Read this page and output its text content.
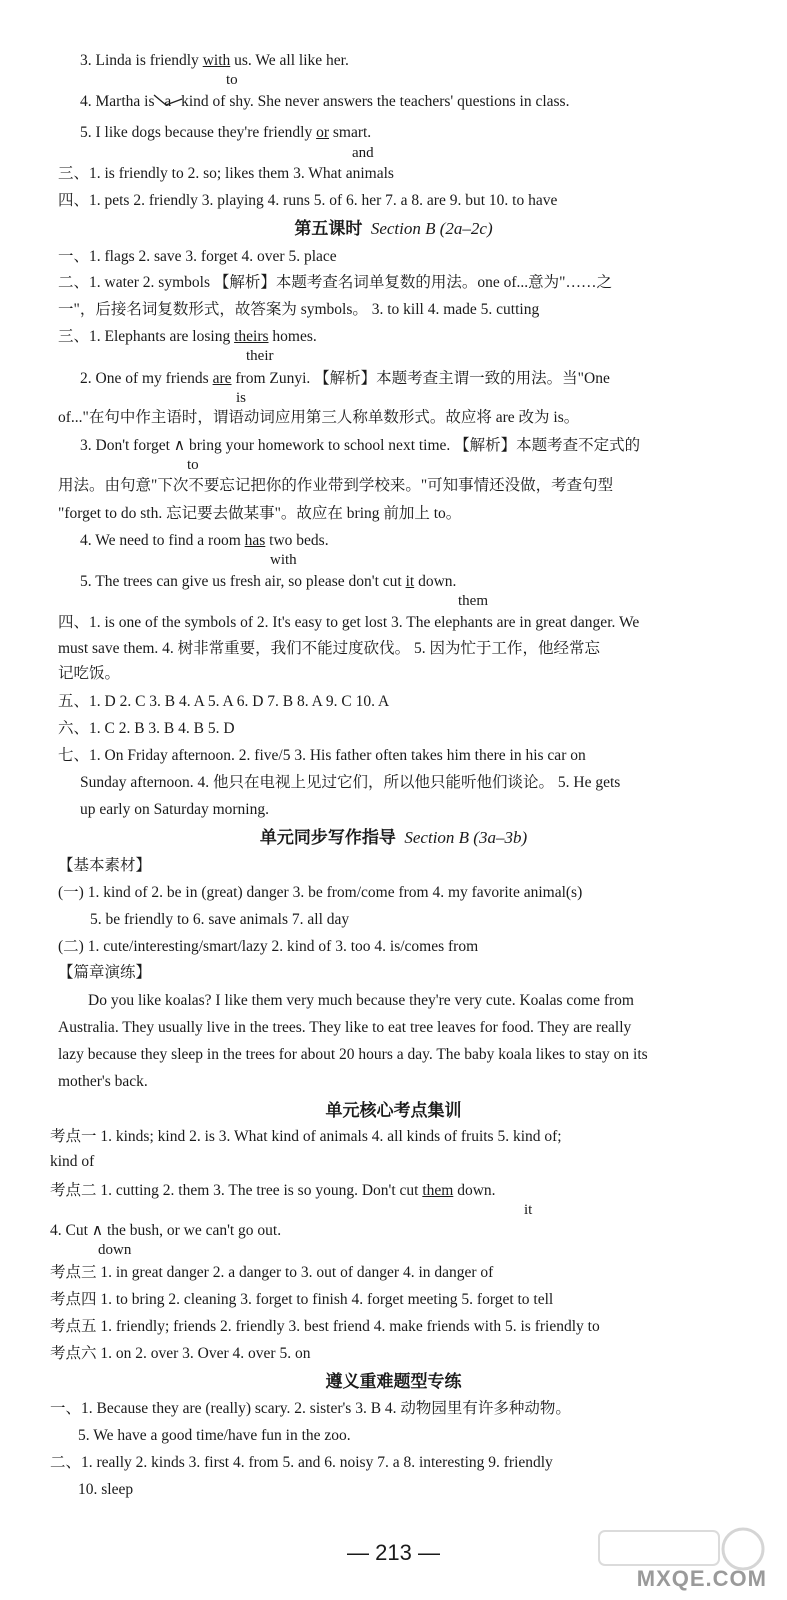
3. Linda is friendly with us. We all like her.
to
4. Martha is a kind of shy. She never answers the teachers' questions in class.
5. I like dogs because they're friendly or smart.
and
三、1. is friendly to 2. so; likes them 3. What animals
四、1. pets 2. friendly 3. playing 4. runs 5. of 6. her 7. a 8. are 9. but 10. to have
第五课时 Section B (2a–2c)
一、1. flags 2. save 3. forget 4. over 5. place
二、1. water 2. symbols 【解析】本题考查名词单复数的用法。one of...意为"……之
一"，后接名词复数形式，故答案为 symbols。 3. to kill 4. made 5. cutting
三、1. Elephants are losing theirs homes.
their
2. One of my friends are from Zunyi. 【解析】本题考查主谓一致的用法。当"One
is
of..."在句中作主语时，谓语动词应用第三人称单数形式。故应将 are 改为 is。
3. Don't forget ∧ bring your homework to school next time. 【解析】本题考查不定式的
to
用法。由句意"下次不要忘记把你的作业带到学校来。"可知事情还没做，考查句型
"forget to do sth. 忘记要去做某事"。故应在 bring 前加上 to。
4. We need to find a room has two beds.
with
5. The trees can give us fresh air, so please don't cut it down.
them
四、1. is one of the symbols of 2. It's easy to get lost 3. The elephants are in great danger. We
must save them. 4. 树非常重要，我们不能过度砍伐。 5. 因为忙于工作，他经常忘
记吃饭。
五、1. D 2. C 3. B 4. A 5. A 6. D 7. B 8. A 9. C 10. A
六、1. C 2. B 3. B 4. B 5. D
七、1. On Friday afternoon. 2. five/5 3. His father often takes him there in his car on
Sunday afternoon. 4. 他只在电视上见过它们，所以他只能听他们谈论。 5. He gets
up early on Saturday morning.
单元同步写作指导 Section B (3a–3b)
【基本素材】
(一) 1. kind of 2. be in (great) danger 3. be from/come from 4. my favorite animal(s)
5. be friendly to 6. save animals 7. all day
(二) 1. cute/interesting/smart/lazy 2. kind of 3. too 4. is/comes from
【篇章演练】
Do you like koalas? I like them very much because they're very cute. Koalas come from
Australia. They usually live in the trees. They like to eat tree leaves for food. They are really
lazy because they sleep in the trees for about 20 hours a day. The baby koala likes to stay on its
mother's back.
单元核心考点集训
考点一 1. kinds; kind 2. is 3. What kind of animals 4. all kinds of fruits 5. kind of;
kind of
考点二 1. cutting 2. them 3. The tree is so young. Don't cut them down.
it
4. Cut ∧ the bush, or we can't go out.
down
考点三 1. in great danger 2. a danger to 3. out of danger 4. in danger of
考点四 1. to bring 2. cleaning 3. forget to finish 4. forget meeting 5. forget to tell
考点五 1. friendly; friends 2. friendly 3. best friend 4. make friends with 5. is friendly to
考点六 1. on 2. over 3. Over 4. over 5. on
遵义重难题型专练
一、1. Because they are (really) scary. 2. sister's 3. B 4. 动物园里有许多种动物。
5. We have a good time/have fun in the zoo.
二、1. really 2. kinds 3. first 4. from 5. and 6. noisy 7. a 8. interesting 9. friendly
10. sleep
— 213 —
MXQE.COM
